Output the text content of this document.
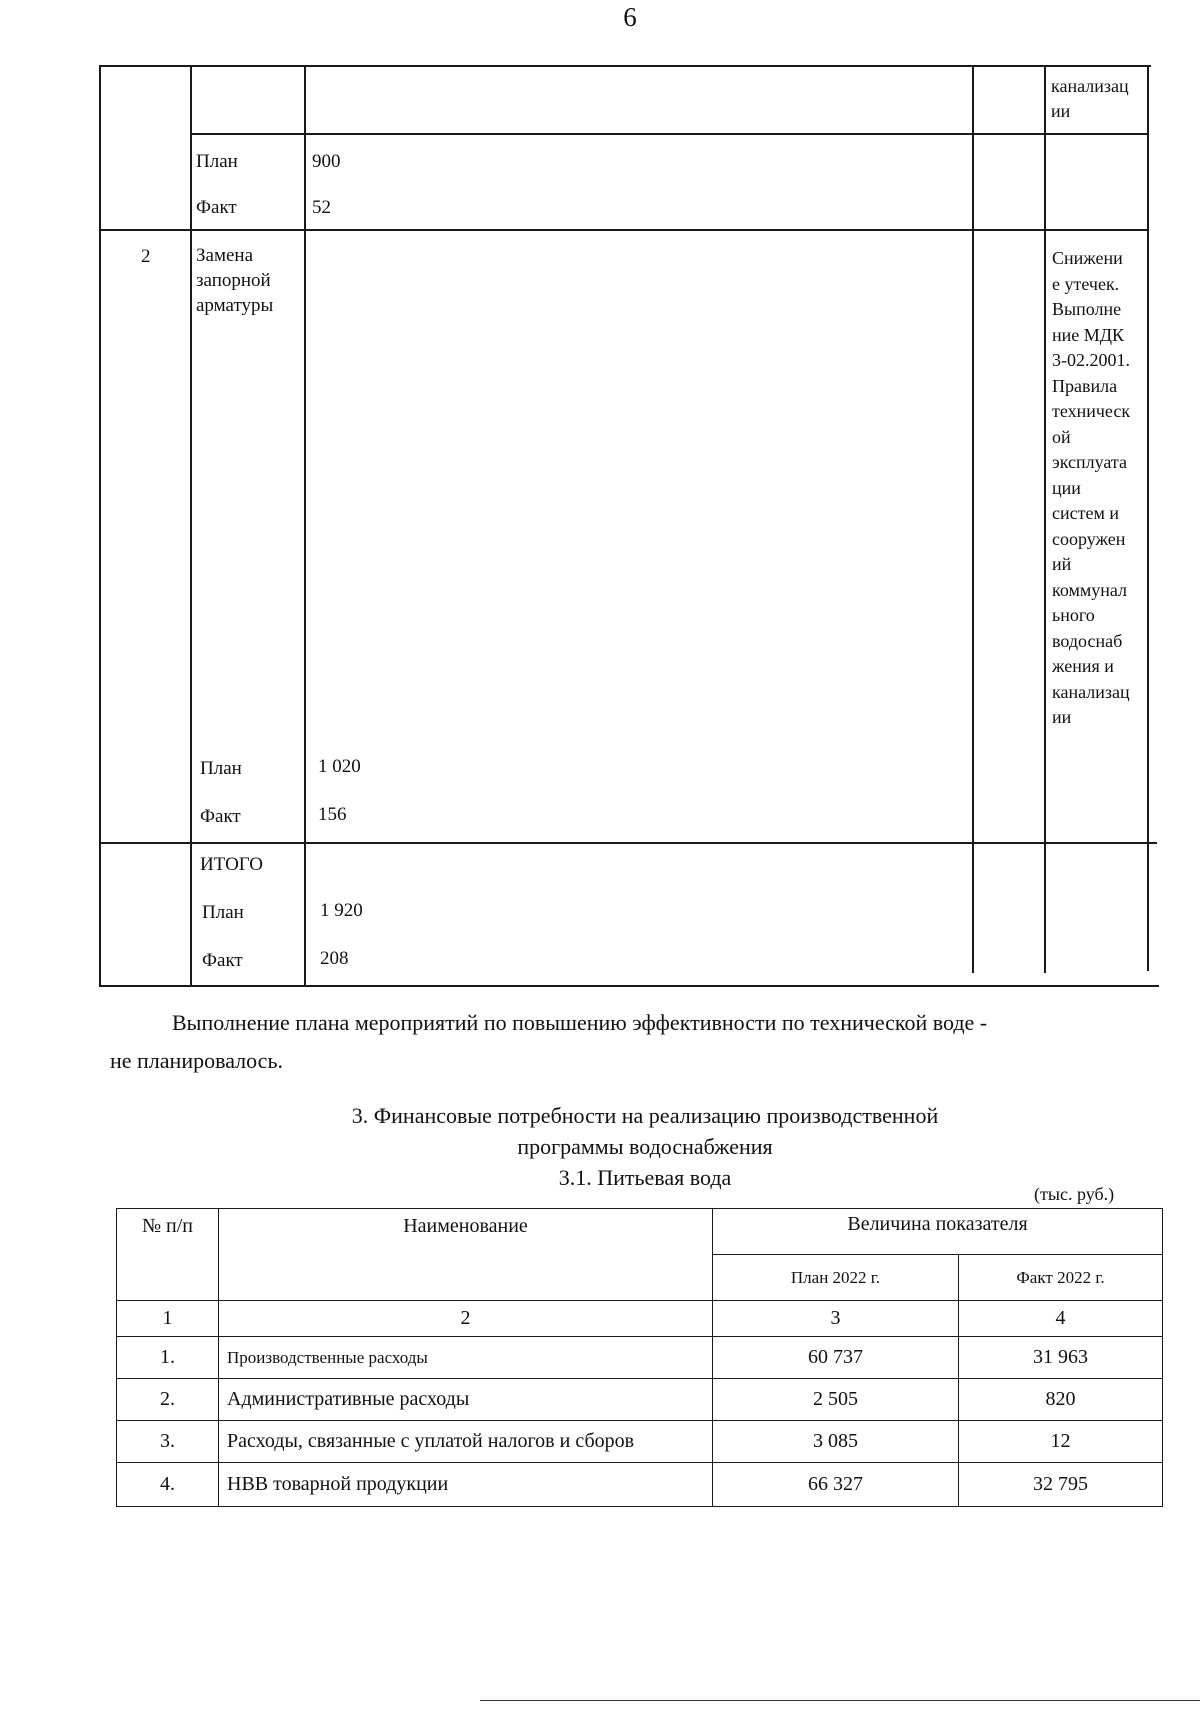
6
канализац ии
План	900
Факт	52
2 Замена запорной арматуры
Снижени
е утечек.
Выполне
ние МДК
3-02.2001.
Правила
техническ
ой
эксплуата
ции
систем и
сооружен
ий
коммунал
ьного
водоснаб
жения и
канализац
ии
План	1 020
Факт	156
ИТОГО
План	1 920
Факт	208
Выполнение плана мероприятий по повышению эффективности по технической воде -
не планировалось.
3. Финансовые потребности на реализацию производственной
программы водоснабжения
3.1. Питьевая вода
(тыс. руб.)
№ п/п	Наименование	Величина показателя	
		План 2022 г.	Факт 2022 г.
1	2	3	4
1.	Производственные расходы	60 737	31 963
2.	Административные расходы	2 505	820
3.	Расходы, связанные с уплатой налогов и сборов	3 085	12
4.	НВВ товарной продукции	66 327	32 795
